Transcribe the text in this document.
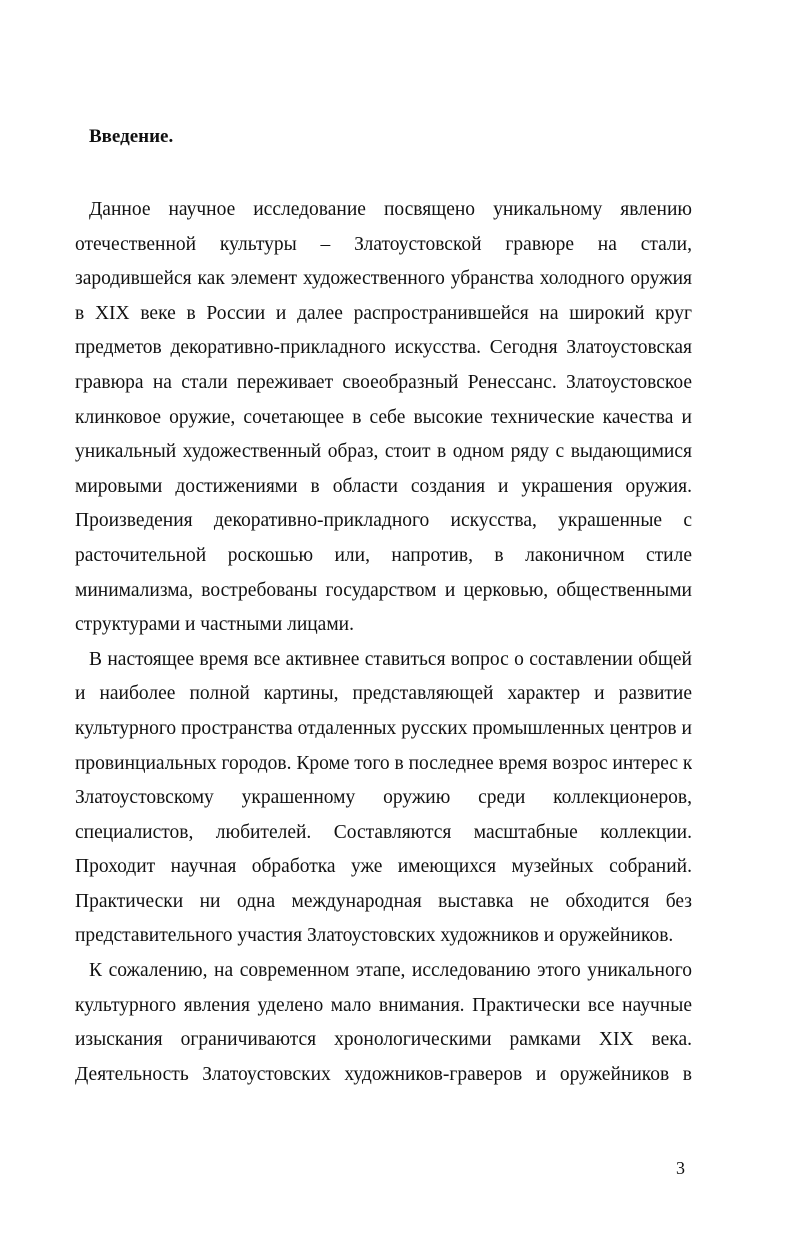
Введение.
Данное научное исследование посвящено уникальному явлению
отечественной культуры – Златоустовской гравюре на стали,
зародившейся как элемент художественного убранства холодного оружия
в XIX веке в России и далее распространившейся на широкий круг
предметов декоративно-прикладного искусства. Сегодня Златоустовская
гравюра на стали переживает своеобразный Ренессанс. Златоустовское
клинковое оружие, сочетающее в себе высокие технические качества и
уникальный художественный образ, стоит в одном ряду с выдающимися
мировыми достижениями в области создания и украшения оружия.
Произведения декоративно-прикладного искусства, украшенные с
расточительной роскошью или, напротив, в лаконичном стиле
минимализма, востребованы государством и церковью, общественными
структурами и частными лицами.
В настоящее время все активнее ставиться вопрос о составлении общей
и наиболее полной картины, представляющей характер и развитие
культурного пространства отдаленных русских промышленных центров и
провинциальных городов. Кроме того в последнее время возрос интерес к
Златоустовскому украшенному оружию среди коллекционеров,
специалистов, любителей. Составляются масштабные коллекции.
Проходит научная обработка уже имеющихся музейных собраний.
Практически ни одна международная выставка не обходится без
представительного участия Златоустовских художников и оружейников.
К сожалению, на современном этапе, исследованию этого уникального
культурного явления уделено мало внимания. Практически все научные
изыскания ограничиваются хронологическими рамками XIX века.
Деятельность Златоустовских художников-граверов и оружейников в
3
